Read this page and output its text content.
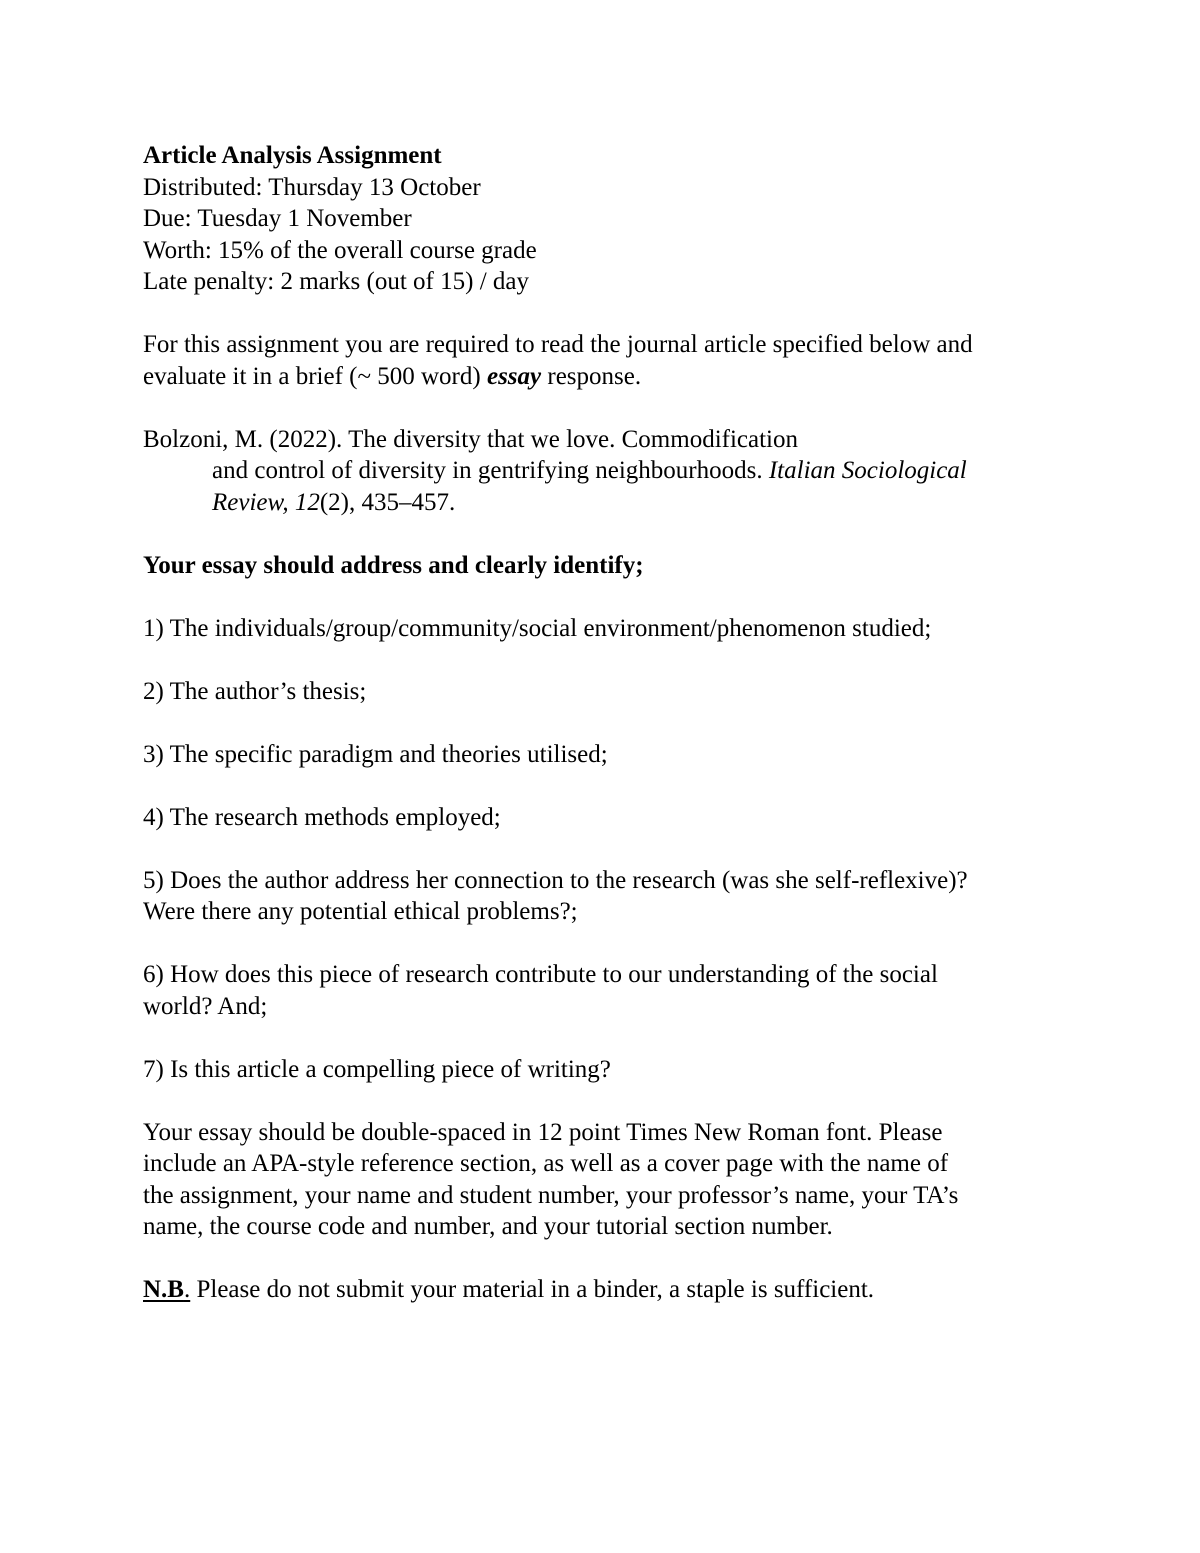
Article Analysis Assignment
Distributed: Thursday 13 October
Due: Tuesday 1 November
Worth: 15% of the overall course grade
Late penalty: 2 marks (out of 15) / day
For this assignment you are required to read the journal article specified below and
evaluate it in a brief (~ 500 word) essay response.
Bolzoni, M. (2022). The diversity that we love. Commodification
and control of diversity in gentrifying neighbourhoods. Italian Sociological
Review, 12(2), 435–457.
Your essay should address and clearly identify;
1) The individuals/group/community/social environment/phenomenon studied;
2) The author’s thesis;
3) The specific paradigm and theories utilised;
4) The research methods employed;
5) Does the author address her connection to the research (was she self-reflexive)?
Were there any potential ethical problems?;
6) How does this piece of research contribute to our understanding of the social
world? And;
7) Is this article a compelling piece of writing?
Your essay should be double-spaced in 12 point Times New Roman font. Please
include an APA-style reference section, as well as a cover page with the name of
the assignment, your name and student number, your professor’s name, your TA’s
name, the course code and number, and your tutorial section number.
N.B. Please do not submit your material in a binder, a staple is sufficient.
